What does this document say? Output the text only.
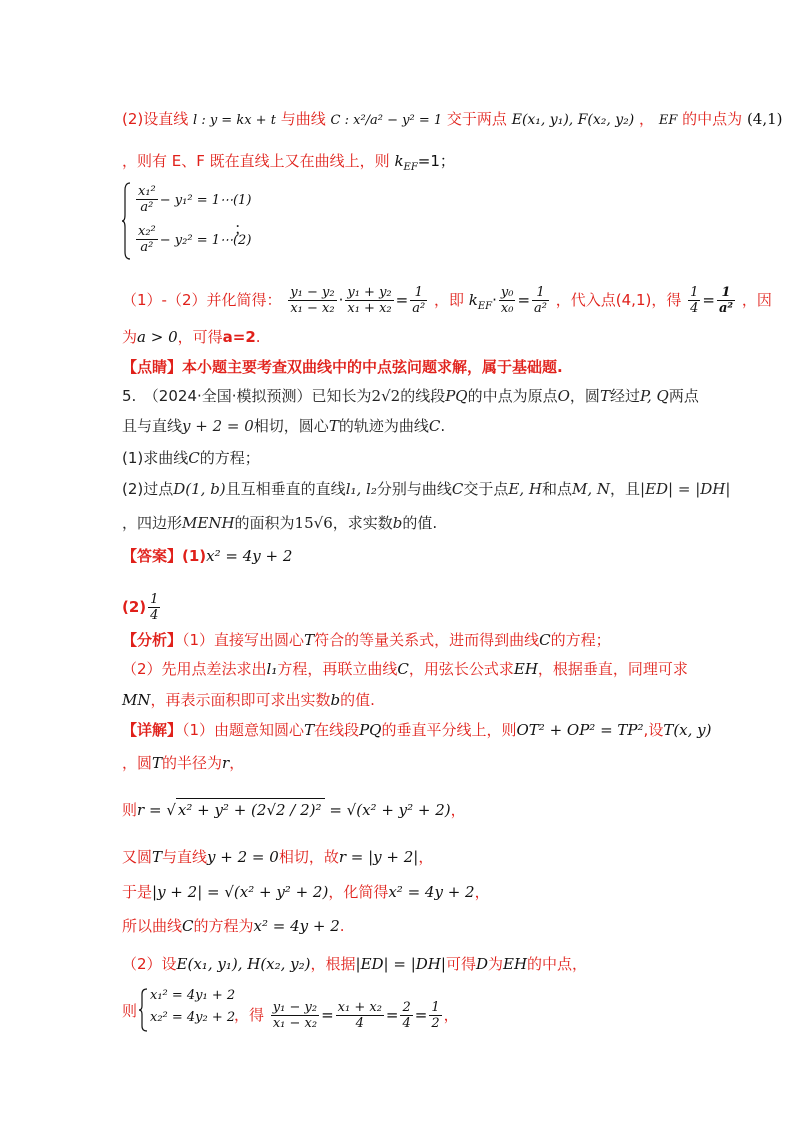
(2)设直线 l : y = kx + t 与曲线 C : x²/a² − y² = 1 交于两点 E(x₁, y₁), F(x₂, y₂) ， EF 的中点为 (4,1)
，则有 E、F 既在直线上又在曲线上，则 $k_{EF}=1$；
$\frac{\text{x₁²}}{\text{a²}} - y_1^2$ = 1⋯(1)
$\frac{\text{x₂²}}{\text{a²}} - y_2^2$ = 1⋯(2)
；
（1）-（2）并化简得： $\frac{\text{y₁ − y₂}}{\text{x₁ − x₂}} \cdot \frac{\text{y₁ + y₂}}{\text{x₁ + x₂}} = \frac{1}{\text{a²}}$ ，即 $k_{EF}\cdot \frac{\text{y₀}}{\text{x₀}} = \frac{1}{\text{a²}}$ ，代入点(4,1)，得 $\frac{1}{4} = \frac{1}{\text{a²}}$ ，因
为a > 0，可得a=2.
【点睛】本小题主要考查双曲线中的中点弦问题求解，属于基础题.
5.　（2024·全国·模拟预测）已知长为2√2的线段PQ的中点为原点O，圆T经过P, Q两点
且与直线y + 2 = 0相切，圆心T的轨迹为曲线C.
(1)求曲线C的方程；
(2)过点D(1, b)且互相垂直的直线l₁, l₂分别与曲线C交于点E, H和点M, N，且|ED| = |DH|
，四边形MENH的面积为15√6，求实数b的值.
【答案】(1)x² = 4y + 2
$(2) \frac{1}{4}$
【分析】（1）直接写出圆心T符合的等量关系式，进而得到曲线C的方程；
（2）先用点差法求出l₁方程，再联立曲线C，用弦长公式求EH，根据垂直，同理可求
MN，再表示面积即可求出实数b的值.
【详解】（1）由题意知圆心T在线段PQ的垂直平分线上，则OT² + OP² = TP²,设T(x, y)
，圆T的半径为r，
则r = √ x² + y² + (2√2 / 2)² = √(x² + y² + 2)，
又圆T与直线y + 2 = 0相切，故r = |y + 2|，
于是|y + 2| = √(x² + y² + 2)，化简得x² = 4y + 2，
所以曲线C的方程为x² = 4y + 2.
（2）设E(x₁, y₁), H(x₂, y₂)，根据|ED| = |DH|可得D为EH的中点，
则
x₁² = 4y₁ + 2
x₂² = 4y₂ + 2
，得 $\frac{\text{y₁ − y₂}}{\text{x₁ − x₂}} = \frac{\text{x₁ + x₂}}{4} = \frac{2}{4} = \frac{1}{2}$ ，
